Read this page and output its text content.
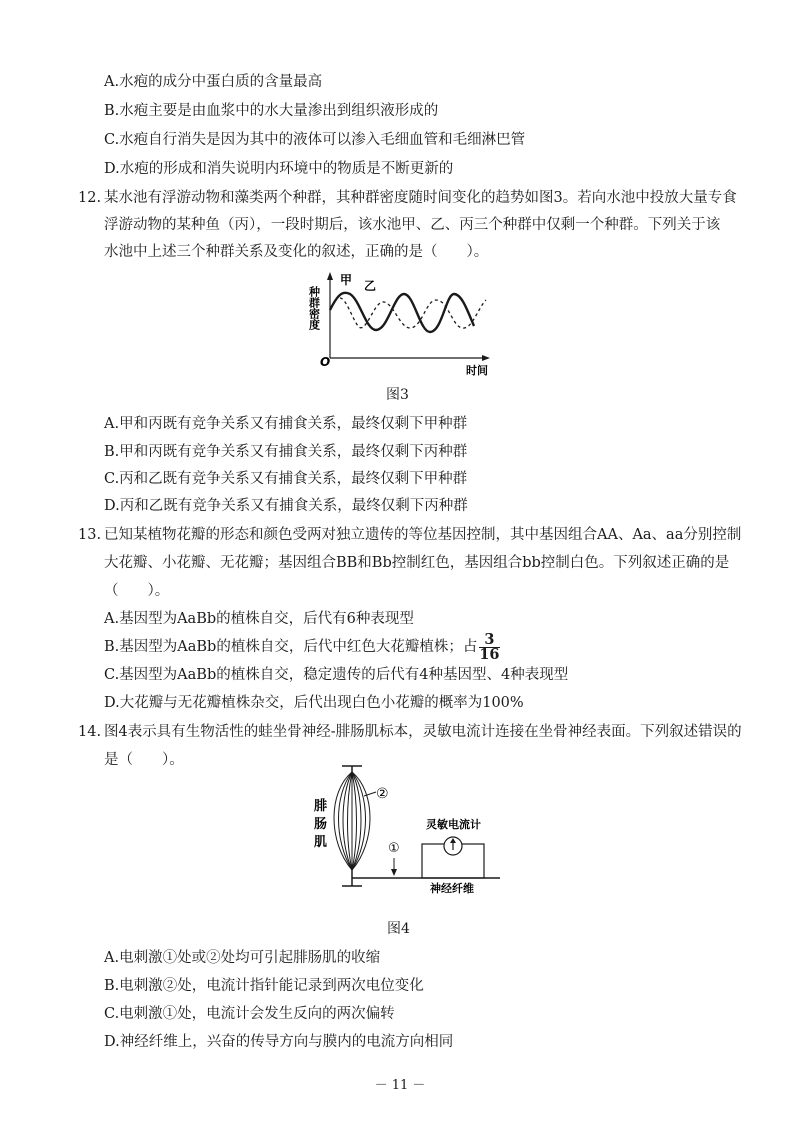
A.水疱的成分中蛋白质的含量最高
B.水疱主要是由血浆中的水大量渗出到组织液形成的
C.水疱自行消失是因为其中的液体可以渗入毛细血管和毛细淋巴管
D.水疱的形成和消失说明内环境中的物质是不断更新的
12. 某水池有浮游动物和藻类两个种群，其种群密度随时间变化的趋势如图3。若向水池中投放大量专食
浮游动物的某种鱼（丙），一段时期后，该水池甲、乙、丙三个种群中仅剩一个种群。下列关于该
水池中上述三个种群关系及变化的叙述，正确的是（　　）。
种群密度
甲 乙
O
时间
图3
A.甲和丙既有竞争关系又有捕食关系，最终仅剩下甲种群
B.甲和丙既有竞争关系又有捕食关系，最终仅剩下丙种群
C.丙和乙既有竞争关系又有捕食关系，最终仅剩下甲种群
D.丙和乙既有竞争关系又有捕食关系，最终仅剩下丙种群
13. 已知某植物花瓣的形态和颜色受两对独立遗传的等位基因控制，其中基因组合AA、Aa、aa分别控制
大花瓣、小花瓣、无花瓣；基因组合BB和Bb控制红色，基因组合bb控制白色。下列叙述正确的是
（　　）。
A.基因型为AaBb的植株自交，后代有6种表现型
B.基因型为AaBb的植株自交，后代中红色大花瓣植株；占 $\frac{3}{16}$
C.基因型为AaBb的植株自交，稳定遗传的后代有4种基因型、4种表现型
D.大花瓣与无花瓣植株杂交，后代出现白色小花瓣的概率为100%
14. 图4表示具有生物活性的蛙坐骨神经-腓肠肌标本，灵敏电流计连接在坐骨神经表面。下列叙述错误的
是（　　）。
②
①
灵敏电流计
神经纤维
腓
肠
肌
图4
A.电刺激①处或②处均可引起腓肠肌的收缩
B.电刺激②处，电流计指针能记录到两次电位变化
C.电刺激①处，电流计会发生反向的两次偏转
D.神经纤维上，兴奋的传导方向与膜内的电流方向相同
－ 11 －
